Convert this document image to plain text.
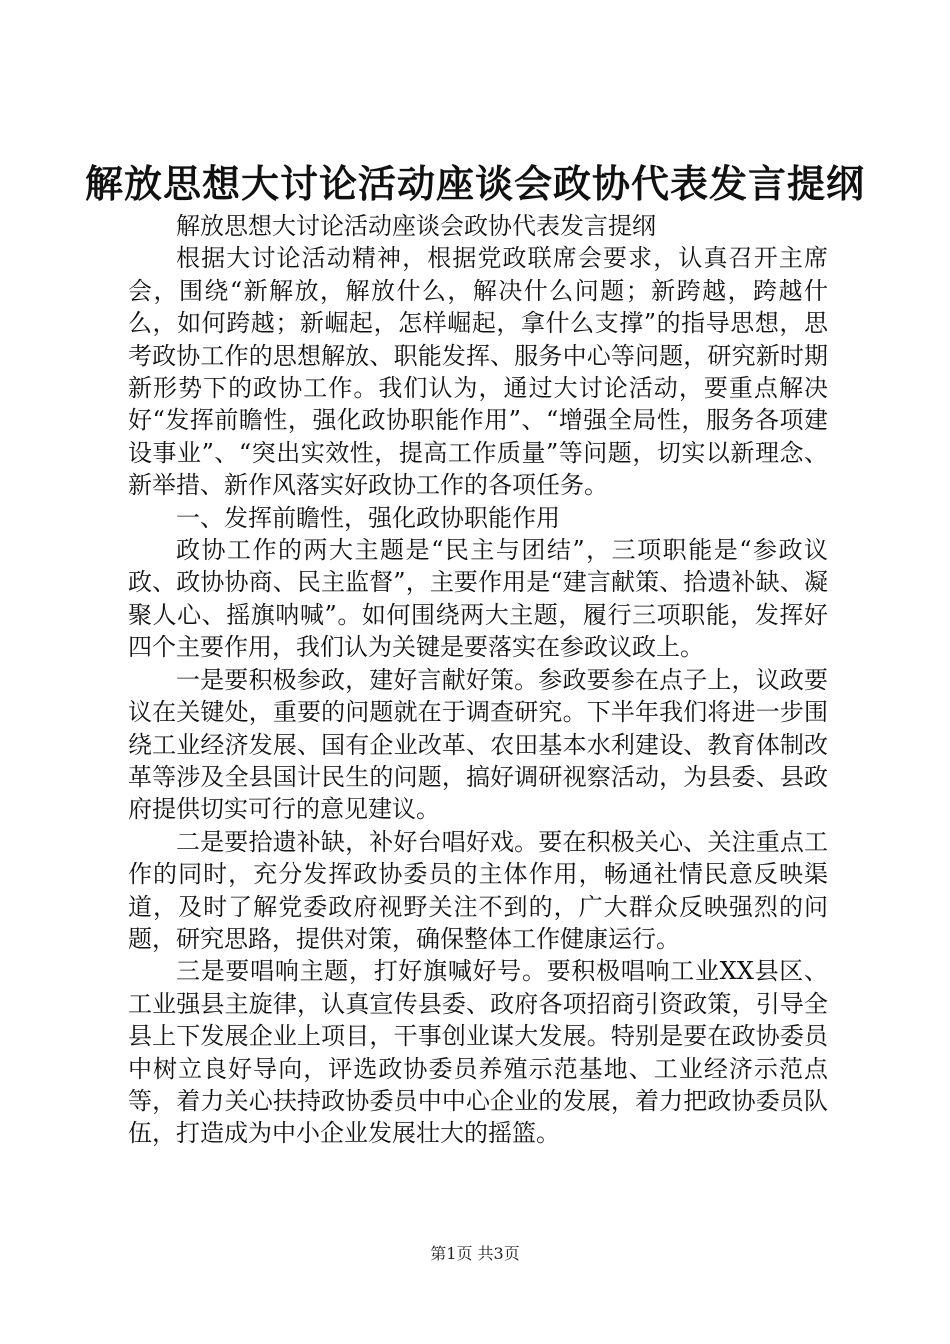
解放思想大讨论活动座谈会政协代表发言提纲

解放思想大讨论活动座谈会政协代表发言提纲

根据大讨论活动精神，根据党政联席会要求，认真召开主席会，围绕“新解放，解放什么，解决什么问题；新跨越，跨越什么，如何跨越；新崛起，怎样崛起，拿什么支撑”的指导思想，思考政协工作的思想解放、职能发挥、服务中心等问题，研究新时期新形势下的政协工作。我们认为，通过大讨论活动，要重点解决好“发挥前瞻性，强化政协职能作用”、“增强全局性，服务各项建设事业”、“突出实效性，提高工作质量”等问题，切实以新理念、新举措、新作风落实好政协工作的各项任务。

一、发挥前瞻性，强化政协职能作用

政协工作的两大主题是“民主与团结”，三项职能是“参政议政、政协协商、民主监督”，主要作用是“建言献策、拾遗补缺、凝聚人心、摇旗呐喊”。如何围绕两大主题，履行三项职能，发挥好四个主要作用，我们认为关键是要落实在参政议政上。

一是要积极参政，建好言献好策。参政要参在点子上，议政要议在关键处，重要的问题就在于调查研究。下半年我们将进一步围绕工业经济发展、国有企业改革、农田基本水利建设、教育体制改革等涉及全县国计民生的问题，搞好调研视察活动，为县委、县政府提供切实可行的意见建议。

二是要拾遗补缺，补好台唱好戏。要在积极关心、关注重点工作的同时，充分发挥政协委员的主体作用，畅通社情民意反映渠道，及时了解党委政府视野关注不到的，广大群众反映强烈的问题，研究思路，提供对策，确保整体工作健康运行。

三是要唱响主题，打好旗喊好号。要积极唱响工业XX县区、工业强县主旋律，认真宣传县委、政府各项招商引资政策，引导全县上下发展企业上项目，干事创业谋大发展。特别是要在政协委员中树立良好导向，评选政协委员养殖示范基地、工业经济示范点等，着力关心扶持政协委员中中心企业的发展，着力把政协委员队伍，打造成为中小企业发展壮大的摇篮。

第1页 共3页
